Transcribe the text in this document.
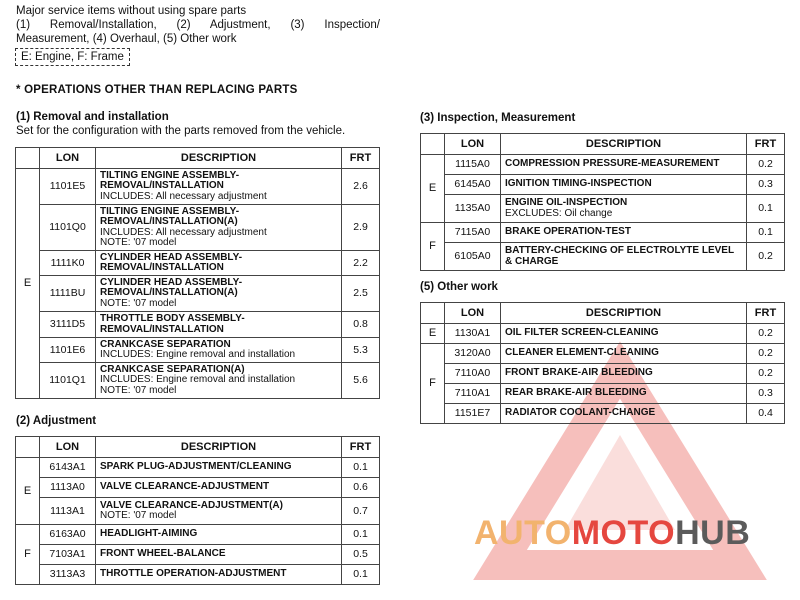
Major service items without using spare parts
(1) Removal/Installation, (2) Adjustment, (3) Inspection/
Measurement, (4) Overhaul, (5) Other work
E: Engine, F: Frame
* OPERATIONS OTHER THAN REPLACING PARTS
(1) Removal and installation
Set for the configuration with the parts removed from the vehicle.
	LON	DESCRIPTION	FRT
E	1101E5	TILTING ENGINE ASSEMBLY-REMOVAL/INSTALLATION
INCLUDES: All necessary adjustment	2.6
	1101Q0	TILTING ENGINE ASSEMBLY-REMOVAL/INSTALLATION(A)
INCLUDES: All necessary adjustment
NOTE: '07 model	2.9
	1111K0	CYLINDER HEAD ASSEMBLY-REMOVAL/INSTALLATION	2.2
	1111BU	CYLINDER HEAD ASSEMBLY-REMOVAL/INSTALLATION(A)
NOTE: '07 model	2.5
	3111D5	THROTTLE BODY ASSEMBLY-REMOVAL/INSTALLATION	0.8
	1101E6	CRANKCASE SEPARATION
INCLUDES: Engine removal and installation	5.3
	1101Q1	CRANKCASE SEPARATION(A)
INCLUDES: Engine removal and installation
NOTE: '07 model	5.6
(2) Adjustment
	LON	DESCRIPTION	FRT
E	6143A1	SPARK PLUG-ADJUSTMENT/CLEANING	0.1
	1113A0	VALVE CLEARANCE-ADJUSTMENT	0.6
	1113A1	VALVE CLEARANCE-ADJUSTMENT(A)
NOTE: '07 model	0.7
F	6163A0	HEADLIGHT-AIMING	0.1
	7103A1	FRONT WHEEL-BALANCE	0.5
	3113A3	THROTTLE OPERATION-ADJUSTMENT	0.1
(3) Inspection, Measurement
	LON	DESCRIPTION	FRT
E	1115A0	COMPRESSION PRESSURE-MEASUREMENT	0.2
	6145A0	IGNITION TIMING-INSPECTION	0.3
	1135A0	ENGINE OIL-INSPECTION
EXCLUDES: Oil change	0.1
F	7115A0	BRAKE OPERATION-TEST	0.1
	6105A0	BATTERY-CHECKING OF ELECTROLYTE LEVEL & CHARGE	0.2
(5) Other work
	LON	DESCRIPTION	FRT
E	1130A1	OIL FILTER SCREEN-CLEANING	0.2
F	3120A0	CLEANER ELEMENT-CLEANING	0.2
	7110A0	FRONT BRAKE-AIR BLEEDING	0.2
	7110A1	REAR BRAKE-AIR BLEEDING	0.3
	1151E7	RADIATOR COOLANT-CHANGE	0.4
AUTOMOTOHUB
